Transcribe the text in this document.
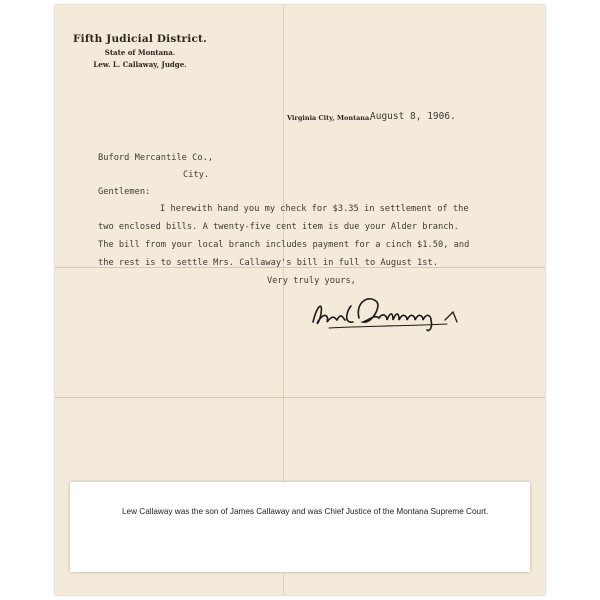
Fifth Judicial District.
State of Montana.
Lew. L. Callaway, Judge.
Virginia City, Montana.
August 8, 1906.
Buford Mercantile Co.,
City.
Gentlemen:
I herewith hand you my check for $3.35 in settlement of the
two enclosed bills. A twenty-five cent item is due your Alder branch.
The bill from your local branch includes payment for a cinch $1.50, and
the rest is to settle Mrs. Callaway's bill in full to August 1st.
Very truly yours,
Lew Callaway was the son of James Callaway and was Chief Justice of the Montana Supreme Court.
